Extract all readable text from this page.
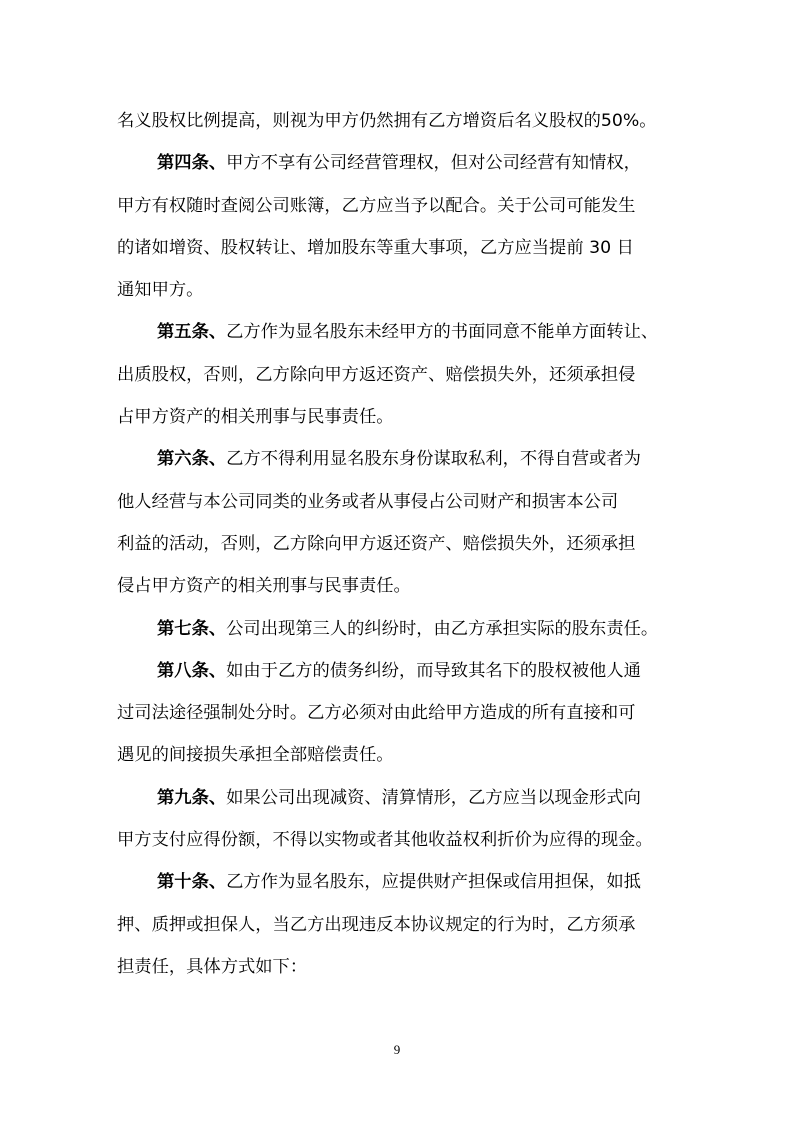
名义股权比例提高，则视为甲方仍然拥有乙方增资后名义股权的50%。
第四条、甲方不享有公司经营管理权，但对公司经营有知情权，
甲方有权随时查阅公司账簿，乙方应当予以配合。关于公司可能发生
的诸如增资、股权转让、增加股东等重大事项，乙方应当提前 30 日
通知甲方。
第五条、乙方作为显名股东未经甲方的书面同意不能单方面转让、
出质股权，否则，乙方除向甲方返还资产、赔偿损失外，还须承担侵
占甲方资产的相关刑事与民事责任。
第六条、乙方不得利用显名股东身份谋取私利，不得自营或者为
他人经营与本公司同类的业务或者从事侵占公司财产和损害本公司
利益的活动，否则，乙方除向甲方返还资产、赔偿损失外，还须承担
侵占甲方资产的相关刑事与民事责任。
第七条、公司出现第三人的纠纷时，由乙方承担实际的股东责任。
第八条、如由于乙方的债务纠纷，而导致其名下的股权被他人通
过司法途径强制处分时。乙方必须对由此给甲方造成的所有直接和可
遇见的间接损失承担全部赔偿责任。
第九条、如果公司出现减资、清算情形，乙方应当以现金形式向
甲方支付应得份额，不得以实物或者其他收益权利折价为应得的现金。
第十条、乙方作为显名股东，应提供财产担保或信用担保，如抵
押、质押或担保人，当乙方出现违反本协议规定的行为时，乙方须承
担责任，具体方式如下：
9
